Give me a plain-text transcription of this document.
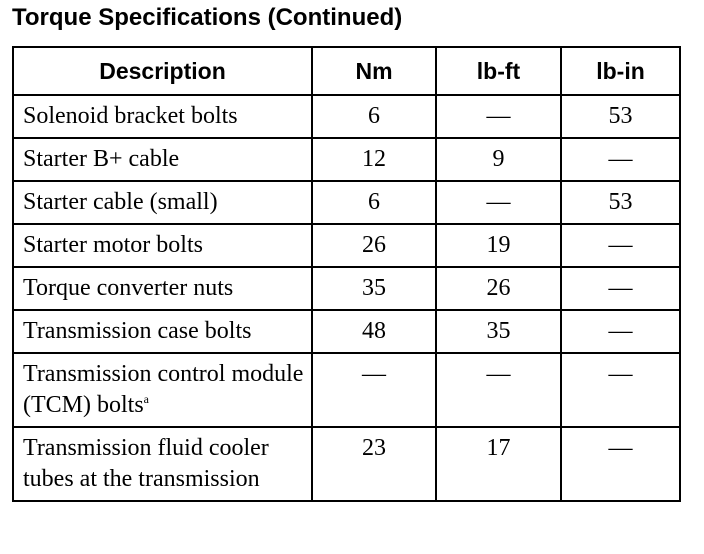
Torque Specifications (Continued)
Description	Nm	lb-ft	lb-in
Solenoid bracket bolts	6	—	53
Starter B+ cable	12	9	—
Starter cable (small)	6	—	53
Starter motor bolts	26	19	—
Torque converter nuts	35	26	—
Transmission case bolts	48	35	—
Transmission control module (TCM) bolts$^a$	—	—	—
Transmission fluid cooler tubes at the transmission	23	17	—
